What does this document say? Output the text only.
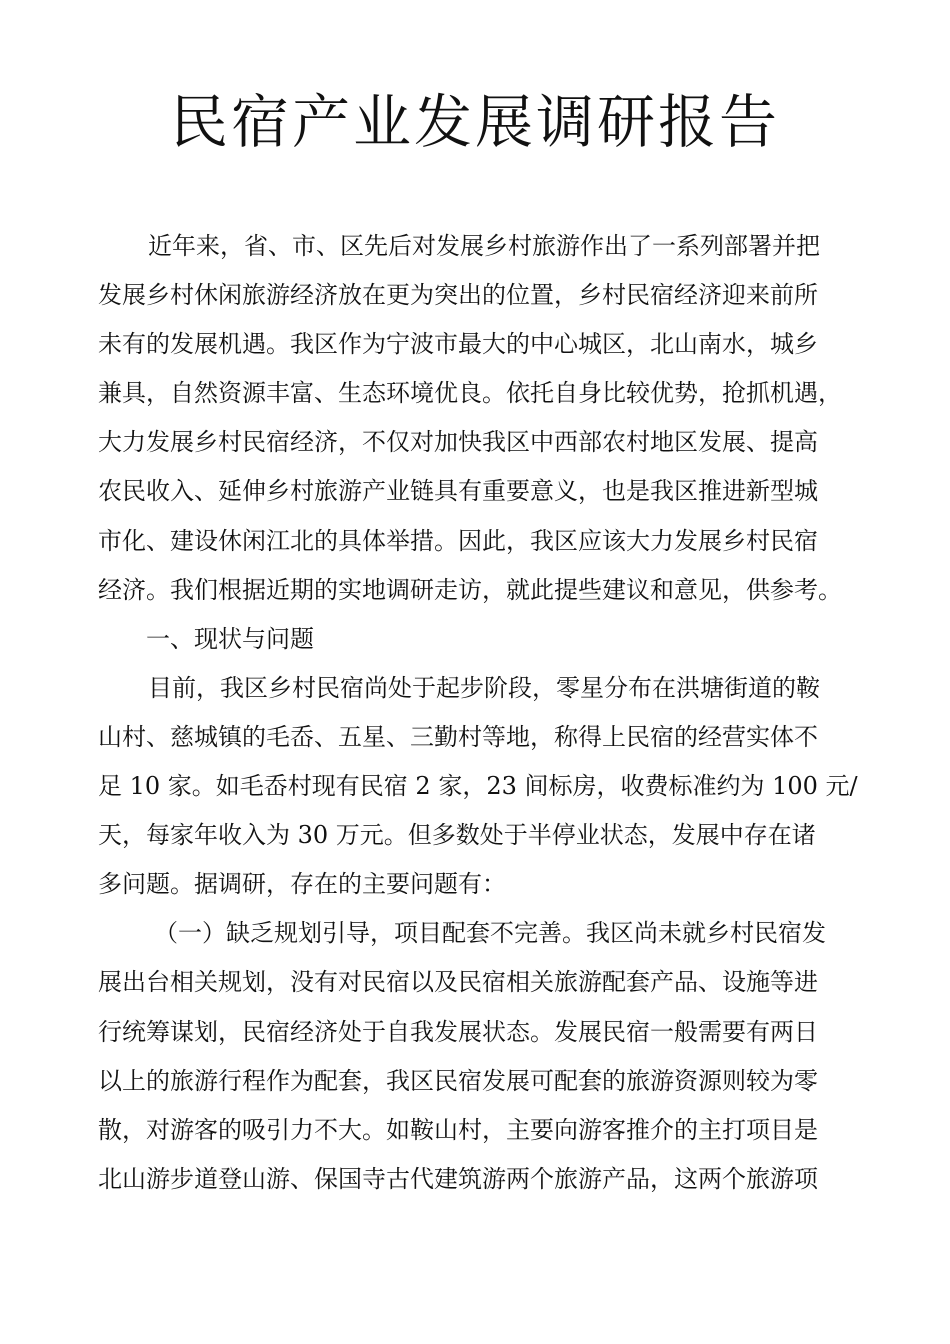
民宿产业发展调研报告
近年来，省、市、区先后对发展乡村旅游作出了一系列部署并把
发展乡村休闲旅游经济放在更为突出的位置，乡村民宿经济迎来前所
未有的发展机遇。我区作为宁波市最大的中心城区，北山南水，城乡
兼具，自然资源丰富、生态环境优良。依托自身比较优势，抢抓机遇，
大力发展乡村民宿经济，不仅对加快我区中西部农村地区发展、提高
农民收入、延伸乡村旅游产业链具有重要意义，也是我区推进新型城
市化、建设休闲江北的具体举措。因此，我区应该大力发展乡村民宿
经济。我们根据近期的实地调研走访，就此提些建议和意见，供参考。
一、现状与问题
目前，我区乡村民宿尚处于起步阶段，零星分布在洪塘街道的鞍
山村、慈城镇的毛岙、五星、三勤村等地，称得上民宿的经营实体不
足 10 家。如毛岙村现有民宿 2 家，23 间标房，收费标准约为 100 元/
天，每家年收入为 30 万元。但多数处于半停业状态，发展中存在诸
多问题。据调研，存在的主要问题有：
（一）缺乏规划引导，项目配套不完善。我区尚未就乡村民宿发
展出台相关规划，没有对民宿以及民宿相关旅游配套产品、设施等进
行统筹谋划，民宿经济处于自我发展状态。发展民宿一般需要有两日
以上的旅游行程作为配套，我区民宿发展可配套的旅游资源则较为零
散，对游客的吸引力不大。如鞍山村，主要向游客推介的主打项目是
北山游步道登山游、保国寺古代建筑游两个旅游产品，这两个旅游项
